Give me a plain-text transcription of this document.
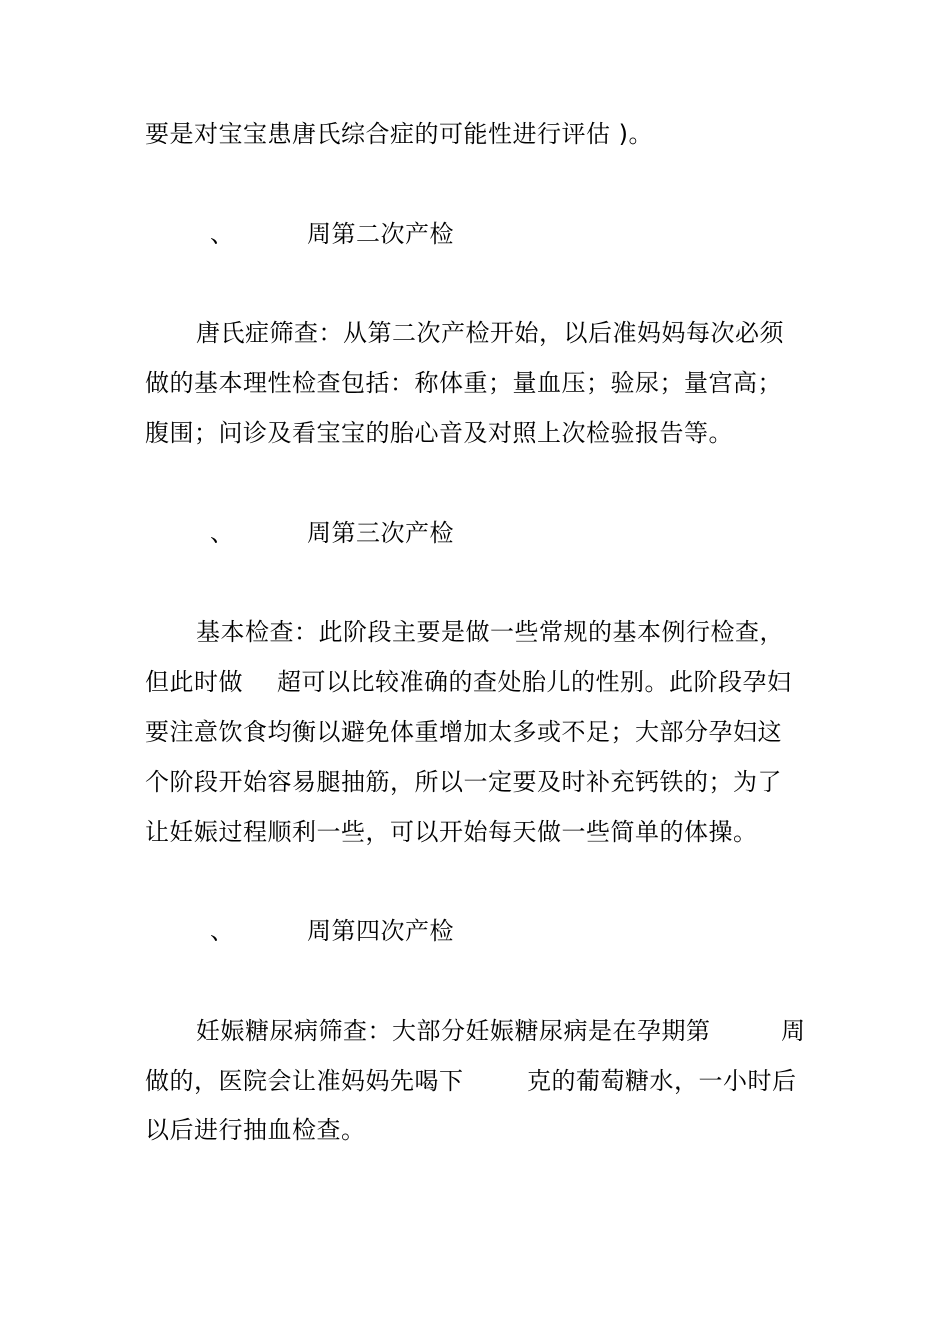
要是对宝宝患唐氏综合症的可能性进行评估 )。
、	周第二次产检
唐氏症筛查：从第二次产检开始，以后准妈妈每次必须
做的基本理性检查包括：称体重；量血压；验尿；量宫高；
腹围；问诊及看宝宝的胎心音及对照上次检验报告等。
、	周第三次产检
基本检查：此阶段主要是做一些常规的基本例行检查，
但此时做 超可以比较准确的查处胎儿的性别。此阶段孕妇
要注意饮食均衡以避免体重增加太多或不足；大部分孕妇这
个阶段开始容易腿抽筋，所以一定要及时补充钙铁的；为了
让妊娠过程顺利一些，可以开始每天做一些简单的体操。
、	周第四次产检
妊娠糖尿病筛查：大部分妊娠糖尿病是在孕期第	周
做的，医院会让准妈妈先喝下	克的葡萄糖水，一小时后
以后进行抽血检查。
